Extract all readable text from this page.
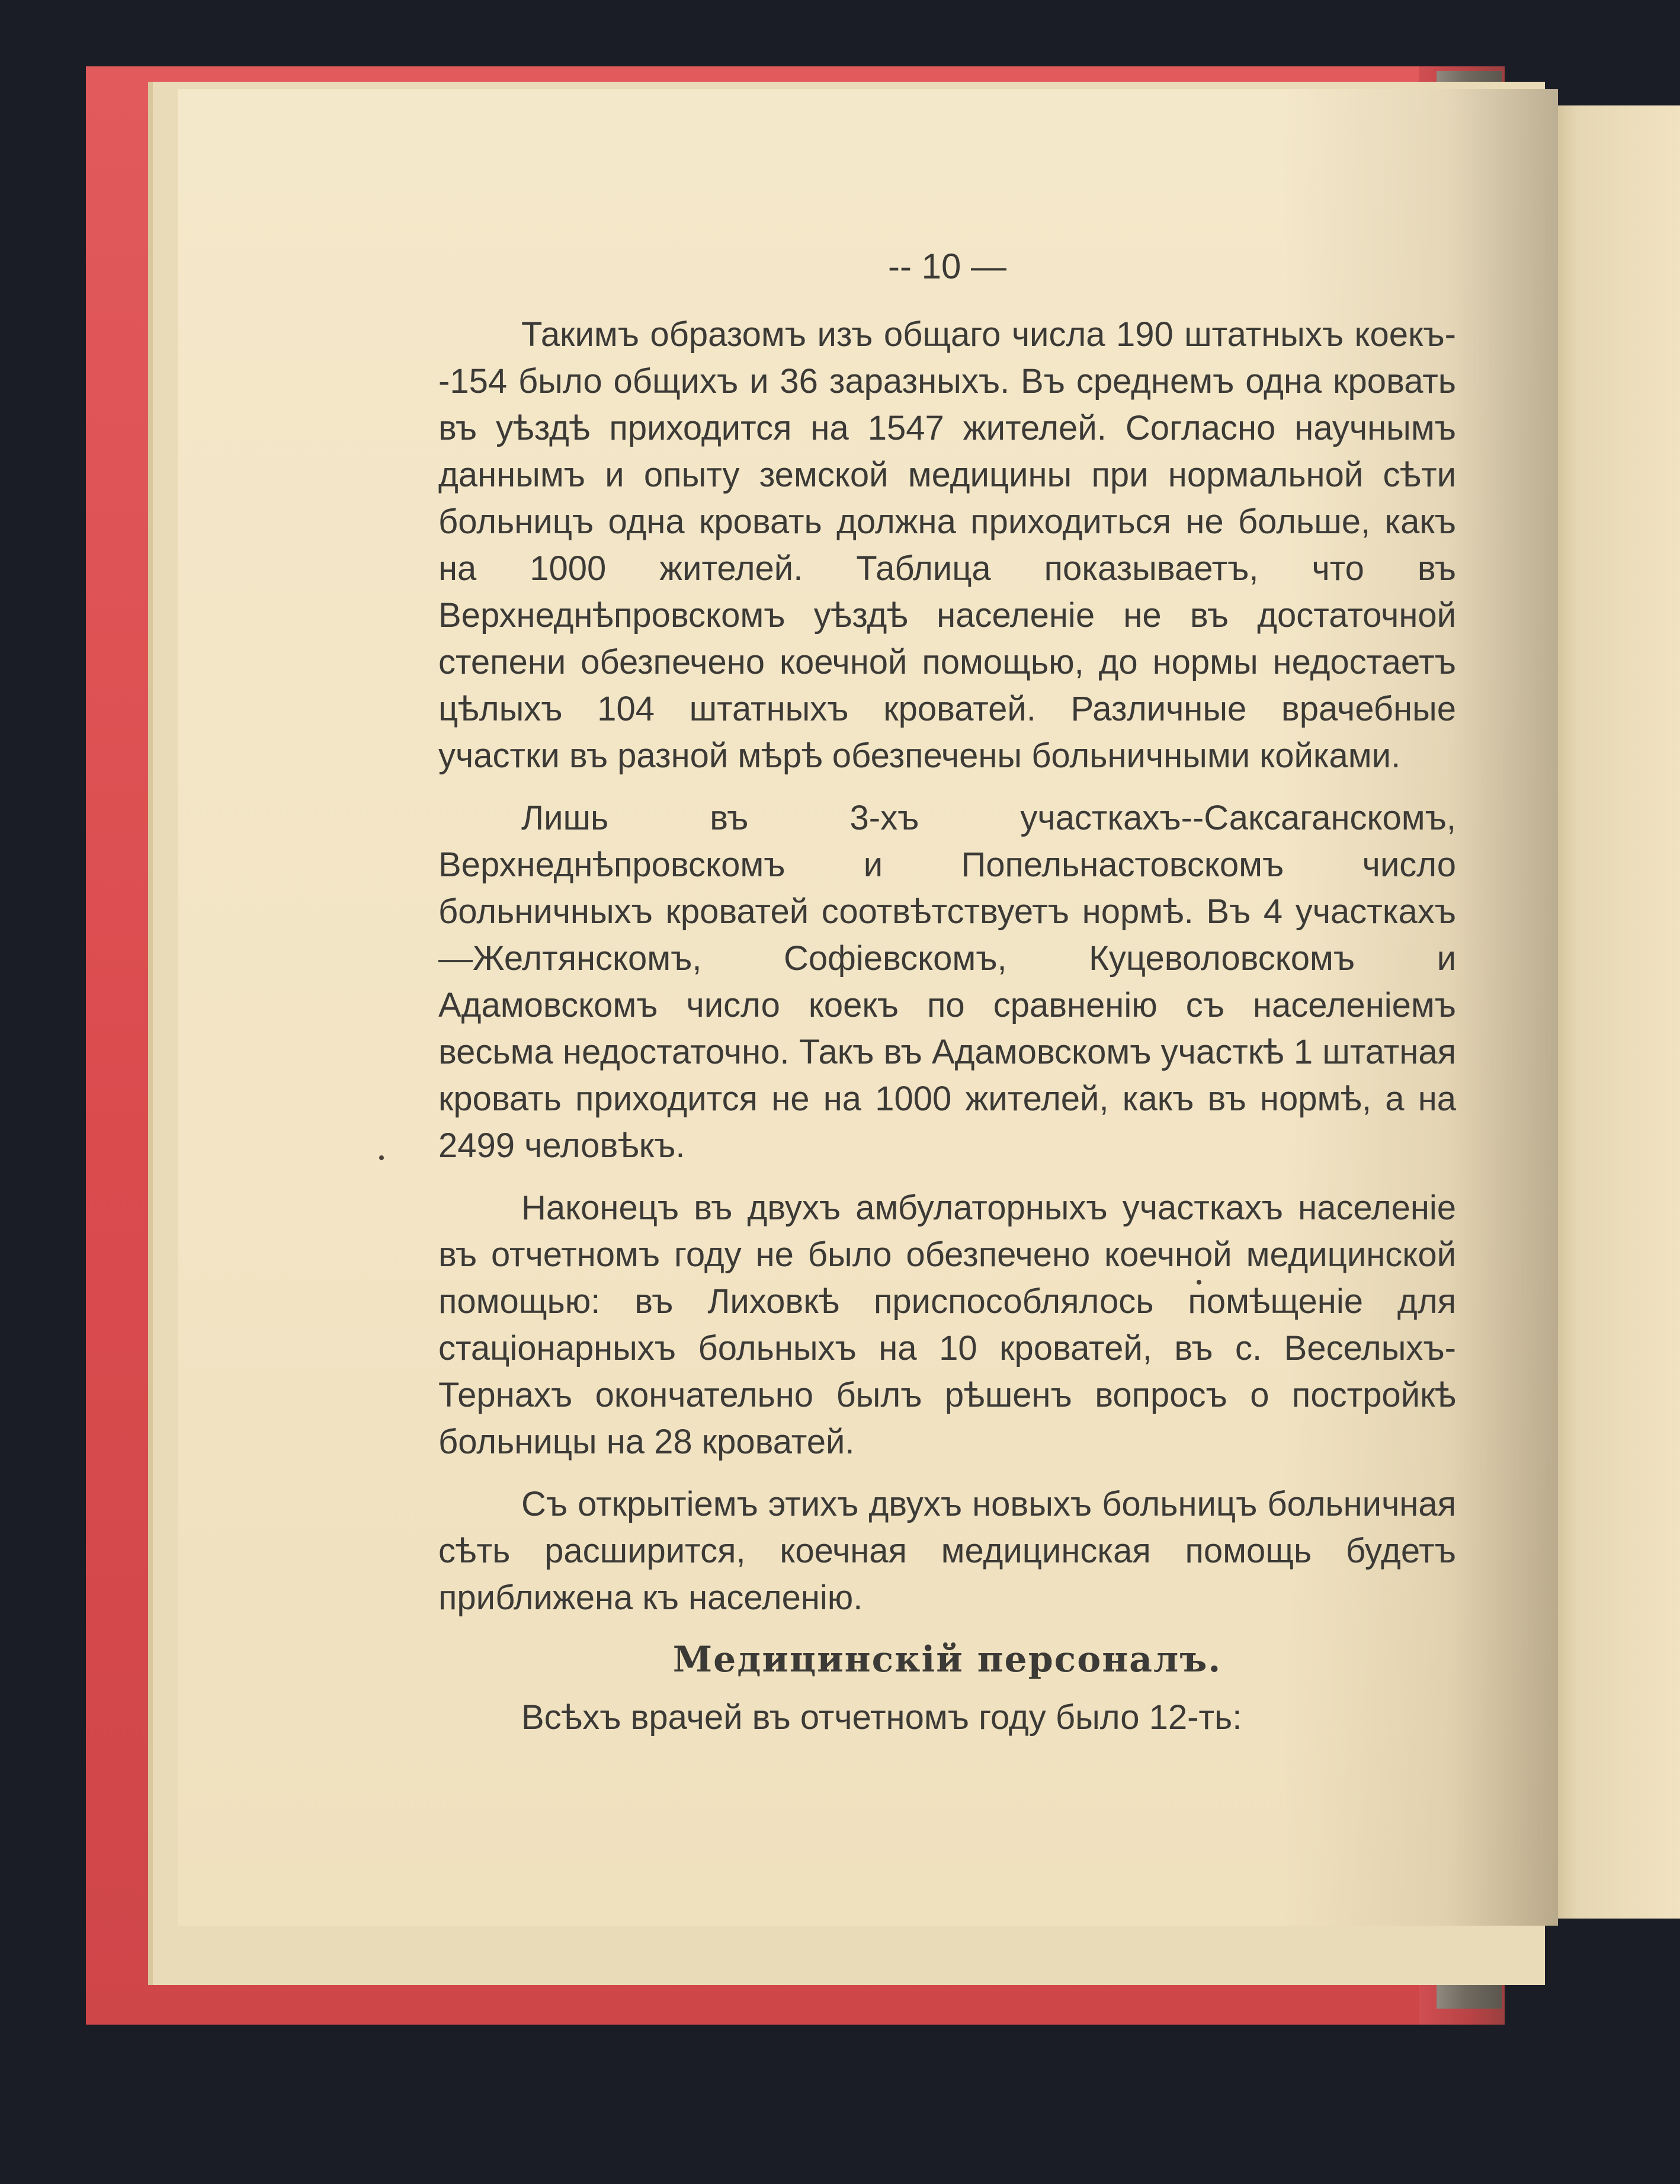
-- 10 —

Такимъ образомъ изъ общаго числа 190 штатныхъ коекъ--154 было общихъ и 36 заразныхъ. Въ среднемъ одна кровать въ уѣздѣ приходится на 1547 жителей. Согласно научнымъ даннымъ и опыту земской медицины при нормальной сѣти больницъ одна кровать должна приходиться не больше, какъ на 1000 жителей. Таблица показываетъ, что въ Верхнеднѣпровскомъ уѣздѣ населеніе не въ достаточной степени обезпечено коечной помощью, до нормы недостаетъ цѣлыхъ 104 штатныхъ кроватей. Различные врачебные участки въ разной мѣрѣ обезпечены больничными койками.

Лишь въ 3-хъ участкахъ--Саксаганскомъ, Верхнеднѣпровскомъ и Попельнастовскомъ число больничныхъ кроватей соотвѣтствуетъ нормѣ. Въ 4 участкахъ—Желтянскомъ, Софіевскомъ, Куцеволовскомъ и Адамовскомъ число коекъ по сравненію съ населеніемъ весьма недостаточно. Такъ въ Адамовскомъ участкѣ 1 штатная кровать приходится не на 1000 жителей, какъ въ нормѣ, а на 2499 человѣкъ.

Наконецъ въ двухъ амбулаторныхъ участкахъ населеніе въ отчетномъ году не было обезпечено коечной медицинской помощью: въ Лиховкѣ приспособлялось помѣщеніе для стаціонарныхъ больныхъ на 10 кроватей, въ с. Веселыхъ-Тернахъ окончательно былъ рѣшенъ вопросъ о постройкѣ больницы на 28 кроватей.

Съ открытіемъ этихъ двухъ новыхъ больницъ больничная сѣть расширится, коечная медицинская помощь будетъ приближена къ населенію.

Медицинскій персоналъ.

Всѣхъ врачей въ отчетномъ году было 12-ть:
